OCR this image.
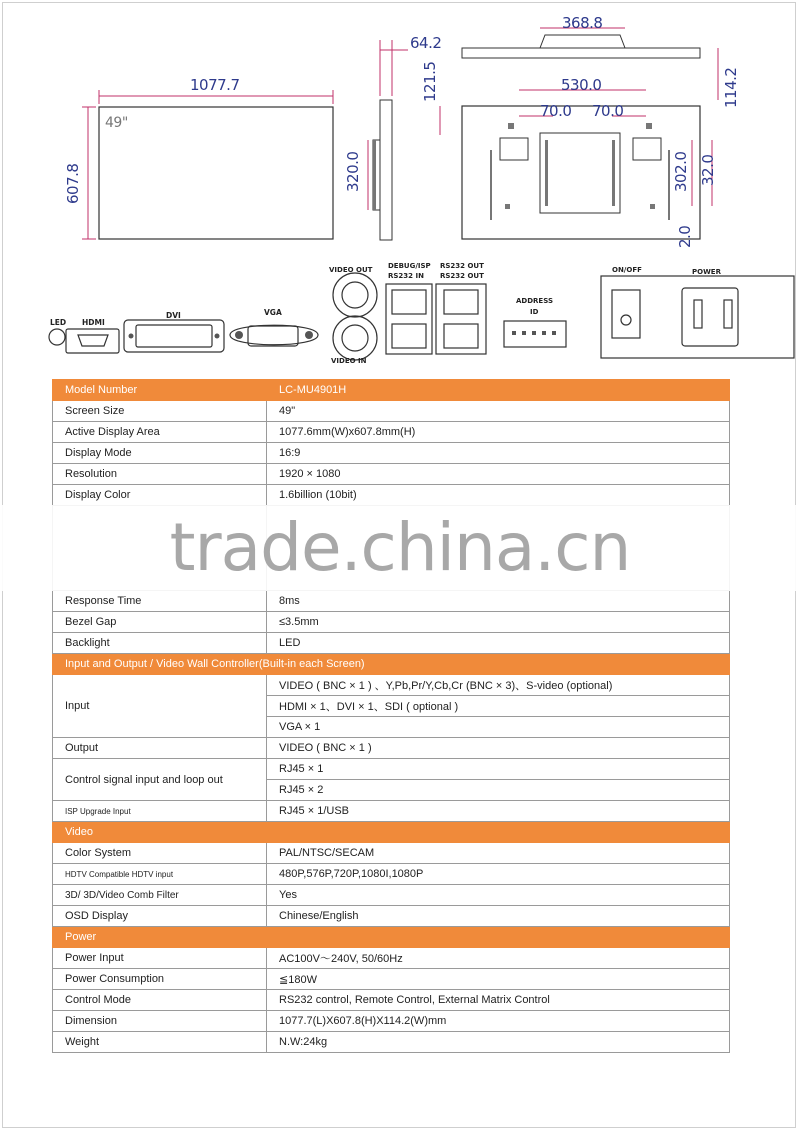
1077.7
49"
607.8
64.2
320.0
368.8
121.5	530.0
70.0 70.0
114.2
302.0 32.0
2.0
LED HDMI
DVI	VGA
VIDEO OUT
VIDEO IN
DEBUG/ISP
RS232 IN
RS232 OUT
RS232 OUT
ADDRESS
ID
ON/OFF	POWER
Model Number	LC-MU4901H
Screen Size	49"
Active Display Area	1077.6mm(W)x607.8mm(H)
Display Mode	16:9
Resolution	1920 × 1080
Display Color	1.6billion (10bit)

Response Time	8ms
Bezel Gap	≤3.5mm
Backlight	LED
Input and Output / Video Wall Controller(Built-in each Screen)	
Input	VIDEO ( BNC × 1 ) 、Y,Pb,Pr/Y,Cb,Cr (BNC × 3)、S-video (optional)
	HDMI × 1、DVI × 1、SDI ( optional )
	VGA × 1
Output	VIDEO ( BNC × 1 )
Control signal input and loop out	RJ45 × 1
	RJ45 × 2
ISP Upgrade Input	RJ45 × 1/USB
Video	
Color System	PAL/NTSC/SECAM
HDTV Compatible HDTV input	480P,576P,720P,1080I,1080P
3D/ 3D/Video Comb Filter	Yes
OSD Display	Chinese/English
Power	
Power Input	AC100V〜240V, 50/60Hz
Power Consumption	≦180W
Control Mode	RS232 control, Remote Control, External Matrix Control
Dimension	1077.7(L)X607.8(H)X114.2(W)mm
Weight	N.W:24kg
trade.china.cn
